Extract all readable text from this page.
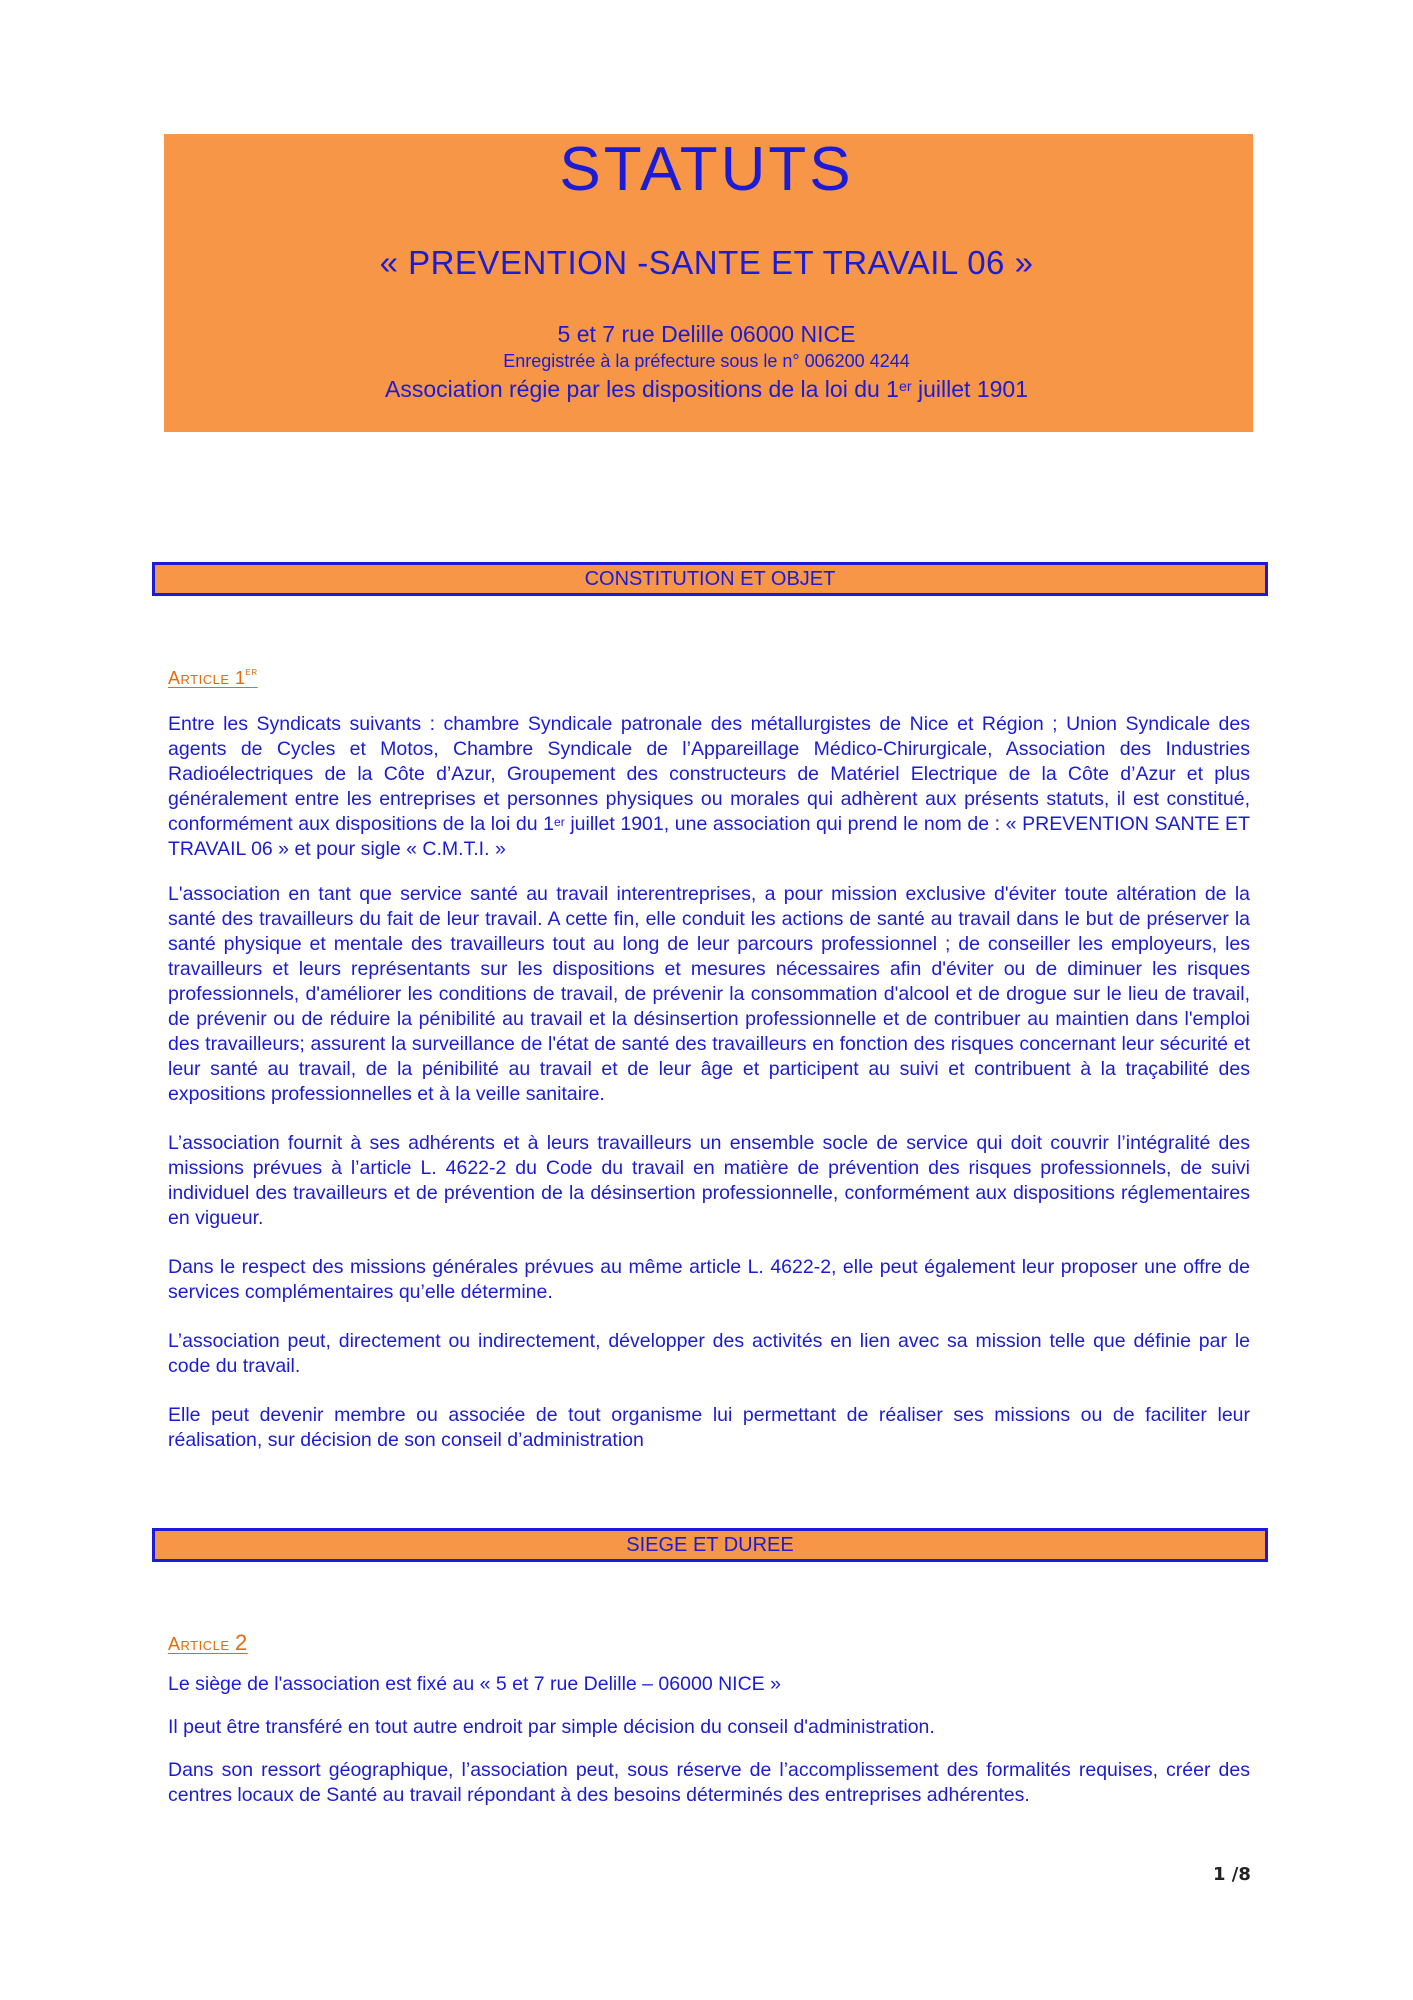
STATUTS
« PREVENTION -SANTE ET TRAVAIL 06 »
5 et 7 rue Delille 06000 NICE
Enregistrée à la préfecture sous le n° 006200 4244
Association régie par les dispositions de la loi du 1er juillet 1901
CONSTITUTION ET OBJET
Article 1er

Entre les Syndicats suivants : chambre Syndicale patronale des métallurgistes de Nice et Région ; Union Syndicale des agents de Cycles et Motos, Chambre Syndicale de l’Appareillage Médico-Chirurgicale, Association des Industries Radioélectriques de la Côte d’Azur, Groupement des constructeurs de Matériel Electrique de la Côte d’Azur et plus généralement entre les entreprises et personnes physiques ou morales qui adhèrent aux présents statuts, il est constitué, conformément aux dispositions de la loi du 1er juillet 1901, une association qui prend le nom de : « PREVENTION SANTE ET TRAVAIL 06 » et pour sigle « C.M.T.I. »

L'association en tant que service santé au travail interentreprises, a pour mission exclusive d'éviter toute altération de la santé des travailleurs du fait de leur travail. A cette fin, elle conduit les actions de santé au travail dans le but de préserver la santé physique et mentale des travailleurs tout au long de leur parcours professionnel ; de conseiller les employeurs, les travailleurs et leurs représentants sur les dispositions et mesures nécessaires afin d'éviter ou de diminuer les risques professionnels, d'améliorer les conditions de travail, de prévenir la consommation d'alcool et de drogue sur le lieu de travail, de prévenir ou de réduire la pénibilité au travail et la désinsertion professionnelle et de contribuer au maintien dans l'emploi des travailleurs; assurent la surveillance de l'état de santé des travailleurs en fonction des risques concernant leur sécurité et leur santé au travail, de la pénibilité au travail et de leur âge et participent au suivi et contribuent à la traçabilité des expositions professionnelles et à la veille sanitaire.

L’association fournit à ses adhérents et à leurs travailleurs un ensemble socle de service qui doit couvrir l’intégralité des missions prévues à l’article L. 4622-2 du Code du travail en matière de prévention des risques professionnels, de suivi individuel des travailleurs et de prévention de la désinsertion professionnelle, conformément aux dispositions réglementaires en vigueur.

Dans le respect des missions générales prévues au même article L. 4622-2, elle peut également leur proposer une offre de services complémentaires qu’elle détermine.

L’association peut, directement ou indirectement, développer des activités en lien avec sa mission telle que définie par le code du travail.

Elle peut devenir membre ou associée de tout organisme lui permettant de réaliser ses missions ou de faciliter leur réalisation, sur décision de son conseil d’administration

SIEGE ET DUREE
Article 2

Le siège de l'association est fixé au « 5 et 7 rue Delille – 06000 NICE »

Il peut être transféré en tout autre endroit par simple décision du conseil d'administration.

Dans son ressort géographique, l’association peut, sous réserve de l’accomplissement des formalités requises, créer des centres locaux de Santé au travail répondant à des besoins déterminés des entreprises adhérentes.

1 /8
